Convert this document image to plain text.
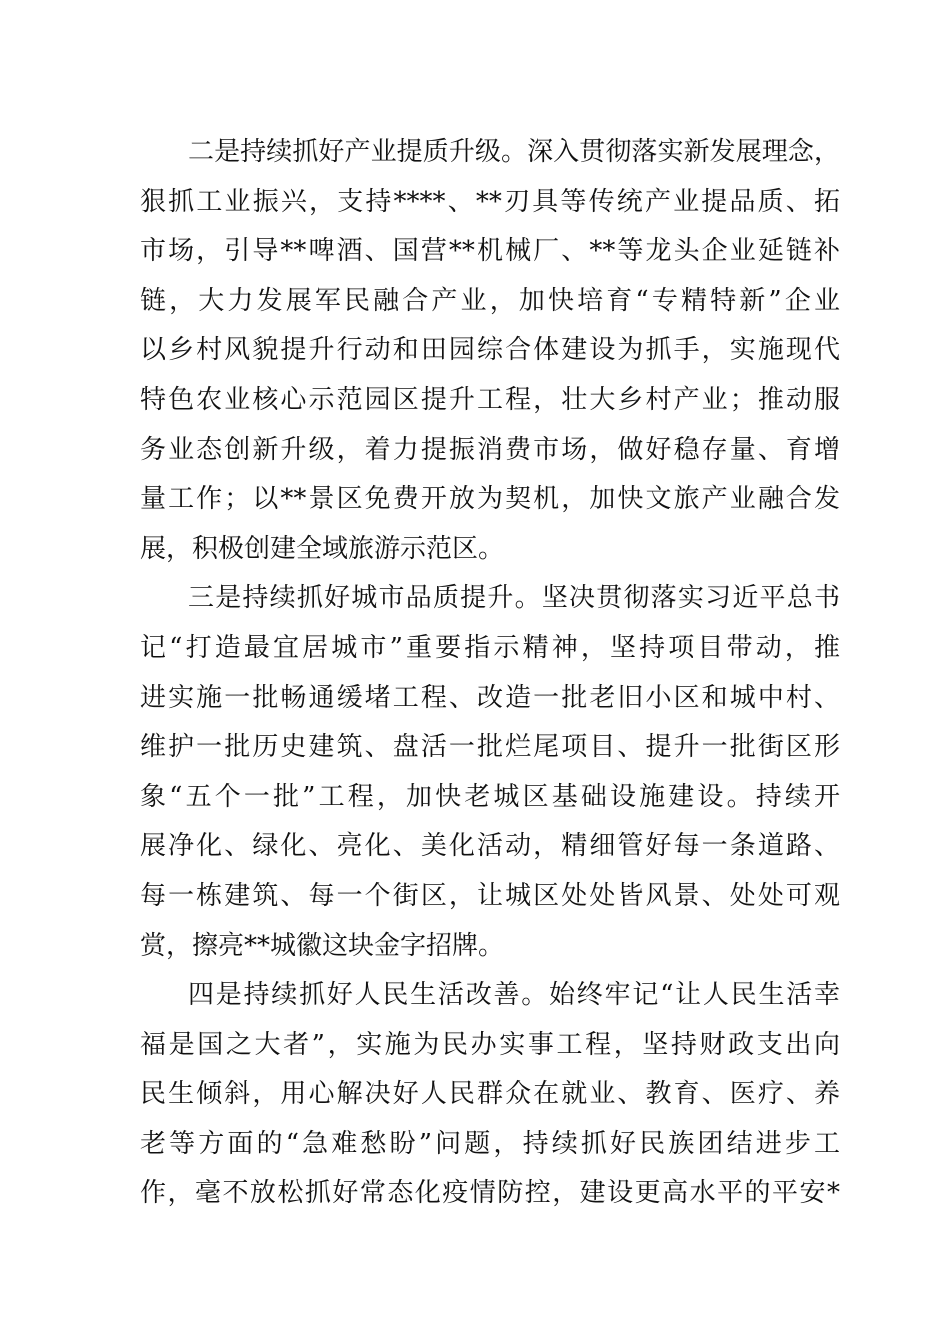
二是持续抓好产业提质升级。深入贯彻落实新发展理念，
狠抓工业振兴，支持****、**刃具等传统产业提品质、拓
市场，引导**啤酒、国营**机械厂、**等龙头企业延链补
链，大力发展军民融合产业，加快培育“专精特新”企业
以乡村风貌提升行动和田园综合体建设为抓手，实施现代
特色农业核心示范园区提升工程，壮大乡村产业；推动服
务业态创新升级，着力提振消费市场，做好稳存量、育增
量工作；以**景区免费开放为契机，加快文旅产业融合发
展，积极创建全域旅游示范区。
三是持续抓好城市品质提升。坚决贯彻落实习近平总书
记“打造最宜居城市”重要指示精神，坚持项目带动，推
进实施一批畅通缓堵工程、改造一批老旧小区和城中村、
维护一批历史建筑、盘活一批烂尾项目、提升一批街区形
象“五个一批”工程，加快老城区基础设施建设。持续开
展净化、绿化、亮化、美化活动，精细管好每一条道路、
每一栋建筑、每一个街区，让城区处处皆风景、处处可观
赏，擦亮**城徽这块金字招牌。
四是持续抓好人民生活改善。始终牢记“让人民生活幸
福是国之大者”，实施为民办实事工程，坚持财政支出向
民生倾斜，用心解决好人民群众在就业、教育、医疗、养
老等方面的“急难愁盼”问题，持续抓好民族团结进步工
作，毫不放松抓好常态化疫情防控，建设更高水平的平安*
